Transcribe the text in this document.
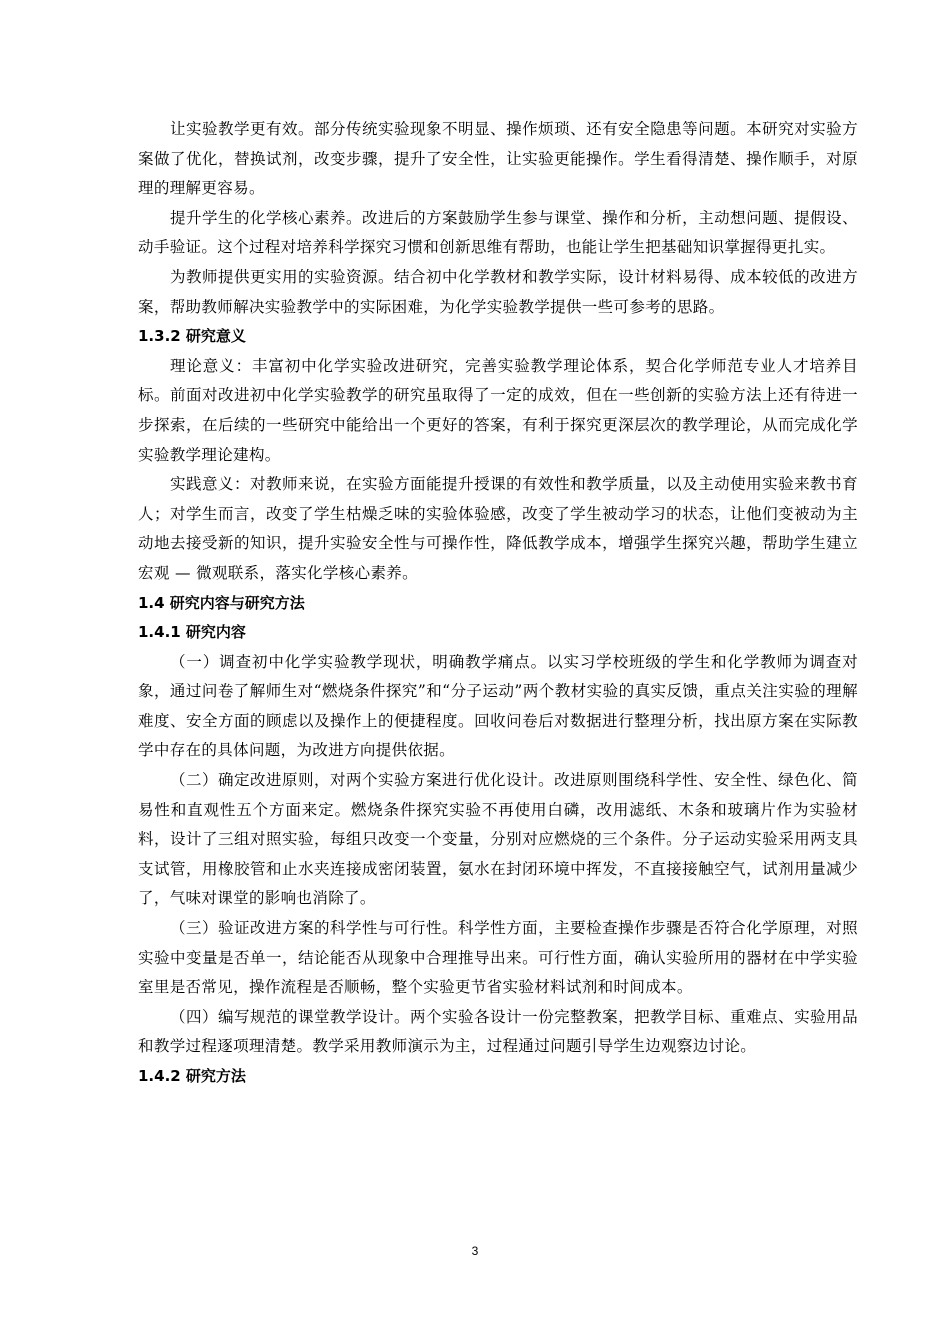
让实验教学更有效。部分传统实验现象不明显、操作烦琐、还有安全隐患等问题。本研究对实验方案做了优化，替换试剂，改变步骤，提升了安全性，让实验更能操作。学生看得清楚、操作顺手，对原理的理解更容易。

提升学生的化学核心素养。改进后的方案鼓励学生参与课堂、操作和分析，主动想问题、提假设、动手验证。这个过程对培养科学探究习惯和创新思维有帮助，也能让学生把基础知识掌握得更扎实。

为教师提供更实用的实验资源。结合初中化学教材和教学实际，设计材料易得、成本较低的改进方案，帮助教师解决实验教学中的实际困难，为化学实验教学提供一些可参考的思路。

1.3.2 研究意义

理论意义：丰富初中化学实验改进研究，完善实验教学理论体系，契合化学师范专业人才培养目标。前面对改进初中化学实验教学的研究虽取得了一定的成效，但在一些创新的实验方法上还有待进一步探索，在后续的一些研究中能给出一个更好的答案，有利于探究更深层次的教学理论，从而完成化学实验教学理论建构。

实践意义：对教师来说，在实验方面能提升授课的有效性和教学质量，以及主动使用实验来教书育人；对学生而言，改变了学生枯燥乏味的实验体验感，改变了学生被动学习的状态，让他们变被动为主动地去接受新的知识，提升实验安全性与可操作性，降低教学成本，增强学生探究兴趣，帮助学生建立宏观 — 微观联系，落实化学核心素养。

1.4 研究内容与研究方法

1.4.1 研究内容

（一）调查初中化学实验教学现状，明确教学痛点。以实习学校班级的学生和化学教师为调查对象，通过问卷了解师生对“燃烧条件探究”和“分子运动”两个教材实验的真实反馈，重点关注实验的理解难度、安全方面的顾虑以及操作上的便捷程度。回收问卷后对数据进行整理分析，找出原方案在实际教学中存在的具体问题，为改进方向提供依据。

（二）确定改进原则，对两个实验方案进行优化设计。改进原则围绕科学性、安全性、绿色化、简易性和直观性五个方面来定。燃烧条件探究实验不再使用白磷，改用滤纸、木条和玻璃片作为实验材料，设计了三组对照实验，每组只改变一个变量，分别对应燃烧的三个条件。分子运动实验采用两支具支试管，用橡胶管和止水夹连接成密闭装置，氨水在封闭环境中挥发，不直接接触空气，试剂用量减少了，气味对课堂的影响也消除了。

（三）验证改进方案的科学性与可行性。科学性方面，主要检查操作步骤是否符合化学原理，对照实验中变量是否单一，结论能否从现象中合理推导出来。可行性方面，确认实验所用的器材在中学实验室里是否常见，操作流程是否顺畅，整个实验更节省实验材料试剂和时间成本。

（四）编写规范的课堂教学设计。两个实验各设计一份完整教案，把教学目标、重难点、实验用品和教学过程逐项理清楚。教学采用教师演示为主，过程通过问题引导学生边观察边讨论。

1.4.2 研究方法

3
